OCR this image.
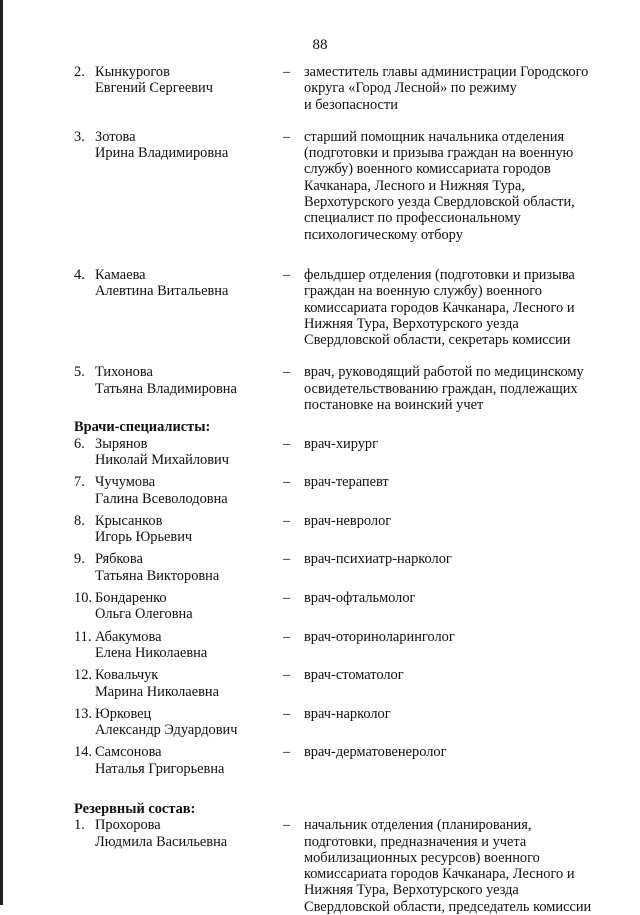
88
2. Кынкурогов
Евгений Сергеевич
– заместитель главы администрации Городского
округа «Город Лесной» по режиму
и безопасности
3. Зотова
Ирина Владимировна
– старший помощник начальника отделения
(подготовки и призыва граждан на военную
службу) военного комиссариата городов
Качканара, Лесного и Нижняя Тура,
Верхотурского уезда Свердловской области,
специалист по профессиональному
психологическому отбору
4. Камаева
Алевтина Витальевна
– фельдшер отделения (подготовки и призыва
граждан на военную службу) военного
комиссариата городов Качканара, Лесного и
Нижняя Тура, Верхотурского уезда
Свердловской области, секретарь комиссии
5. Тихонова
Татьяна Владимировна
– врач, руководящий работой по медицинскому
освидетельствованию граждан, подлежащих
постановке на воинский учет
Врачи-специалисты:
6. Зырянов
Николай Михайлович
– врач-хирург
7. Чучумова
Галина Всеволодовна
– врач-терапевт
8. Крысанков
Игорь Юрьевич
– врач-невролог
9. Рябкова
Татьяна Викторовна
– врач-психиатр-нарколог
10. Бондаренко
Ольга Олеговна
– врач-офтальмолог
11. Абакумова
Елена Николаевна
– врач-оториноларинголог
12. Ковальчук
Марина Николаевна
– врач-стоматолог
13. Юрковец
Александр Эдуардович
– врач-нарколог
14. Самсонова
Наталья Григорьевна
– врач-дерматовенеролог
Резервный состав:
1. Прохорова
Людмила Васильевна
– начальник отделения (планирования,
подготовки, предназначения и учета
мобилизационных ресурсов) военного
комиссариата городов Качканара, Лесного и
Нижняя Тура, Верхотурского уезда
Свердловской области, председатель комиссии
